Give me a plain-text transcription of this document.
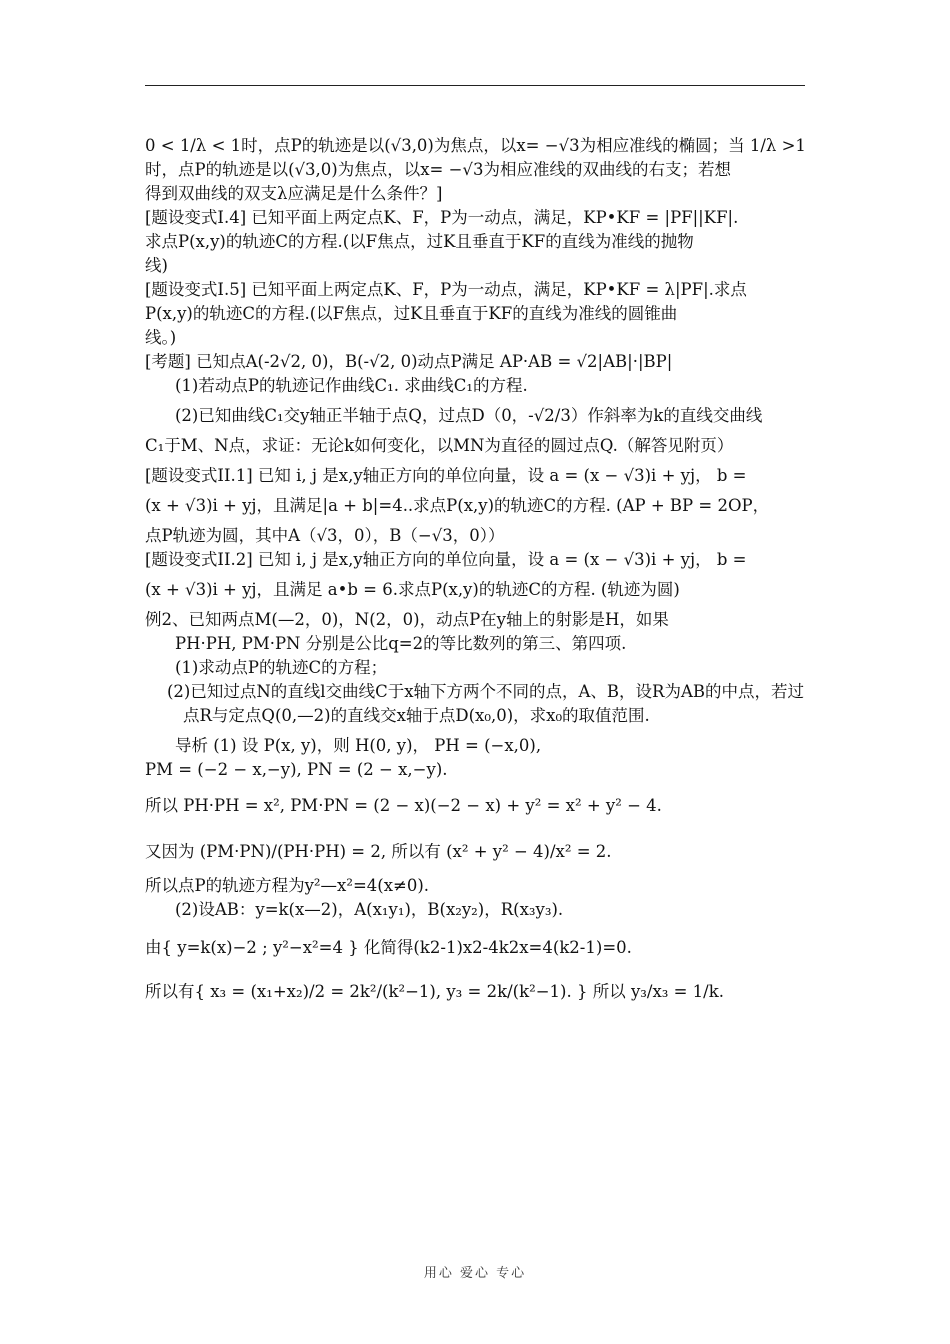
0 < 1/λ < 1时，点P的轨迹是以(√3,0)为焦点，以x= −√3为相应准线的椭圆；当 1/λ >1
时，点P的轨迹是以(√3,0)为焦点，以x= −√3为相应准线的双曲线的右支；若想
得到双曲线的双支λ应满足是什么条件？]
[题设变式I.4] 已知平面上两定点K、F，P为一动点，满足，KP•KF = |PF||KF|.
求点P(x,y)的轨迹C的方程.(以F焦点，过K且垂直于KF的直线为准线的抛物
线)
[题设变式I.5] 已知平面上两定点K、F，P为一动点，满足，KP•KF = λ|PF|.求点
P(x,y)的轨迹C的方程.(以F焦点，过K且垂直于KF的直线为准线的圆锥曲
线。)
[考题] 已知点A(-2√2, 0)，B(-√2, 0)动点P满足 AP·AB = √2|AB|·|BP|
(1)若动点P的轨迹记作曲线C₁. 求曲线C₁的方程.
(2)已知曲线C₁交y轴正半轴于点Q，过点D（0，-√2/3）作斜率为k的直线交曲线
C₁于M、N点，求证：无论k如何变化，以MN为直径的圆过点Q.（解答见附页）
[题设变式II.1] 已知 i, j 是x,y轴正方向的单位向量，设 a = (x − √3)i + yj， b =
(x + √3)i + yj，且满足|a + b|=4..求点P(x,y)的轨迹C的方程. (AP + BP = 2OP，
点P轨迹为圆，其中A（√3，0），B（−√3，0））
[题设变式II.2] 已知 i, j 是x,y轴正方向的单位向量，设 a = (x − √3)i + yj， b =
(x + √3)i + yj，且满足 a•b = 6.求点P(x,y)的轨迹C的方程. (轨迹为圆)
例2、已知两点M(—2，0)，N(2，0)，动点P在y轴上的射影是H，如果
PH·PH, PM·PN 分别是公比q=2的等比数列的第三、第四项.
(1)求动点P的轨迹C的方程；
(2)已知过点N的直线l交曲线C于x轴下方两个不同的点，A、B，设R为AB的中点，若过点R与定点Q(0,—2)的直线交x轴于点D(x₀,0)，求x₀的取值范围.
导析 (1) 设 P(x, y)，则 H(0, y)， PH = (−x,0),
PM = (−2 − x,−y), PN = (2 − x,−y).
所以 PH·PH = x², PM·PN = (2 − x)(−2 − x) + y² = x² + y² − 4.
又因为 (PM·PN)/(PH·PH) = 2, 所以有 (x² + y² − 4)/x² = 2.
所以点P的轨迹方程为y²—x²=4(x≠0).
(2)设AB：y=k(x—2)，A(x₁y₁)，B(x₂y₂)，R(x₃y₃).
由{ y=k(x)−2 ; y²−x²=4 } 化简得(k2-1)x2-4k2x=4(k2-1)=0.
所以有{ x₃ = (x₁+x₂)/2 = 2k²/(k²−1), y₃ = 2k/(k²−1). } 所以 y₃/x₃ = 1/k.
用心 爱心 专心
